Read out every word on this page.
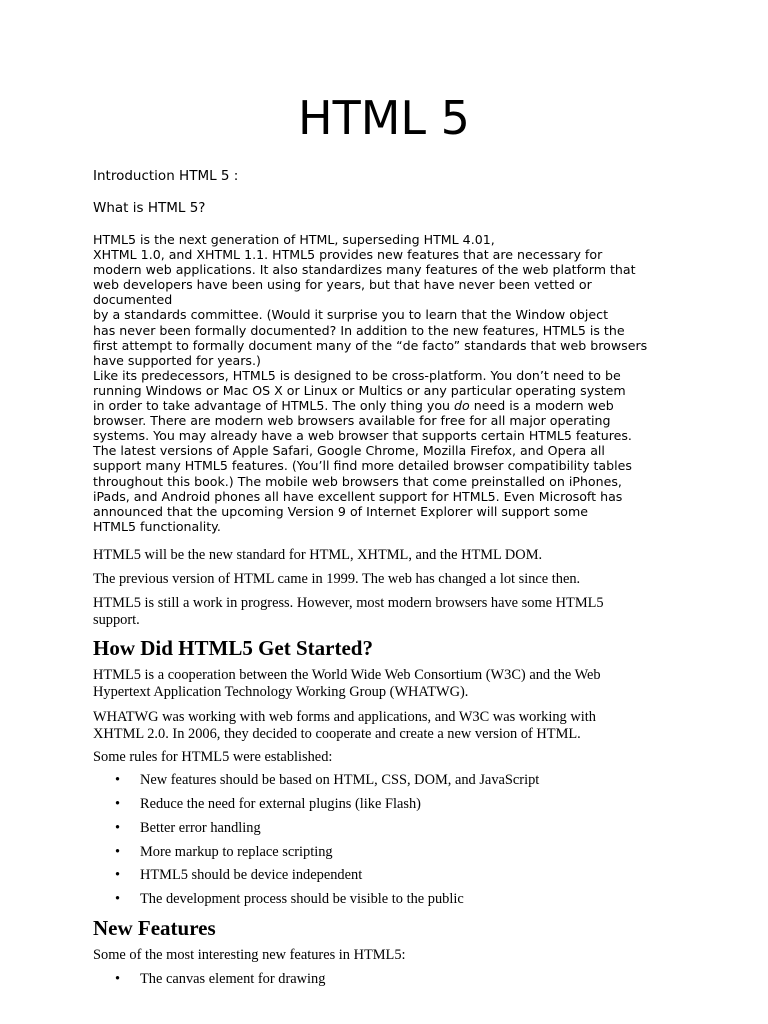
HTML 5

Introduction HTML 5 :

What is HTML 5?

HTML5 is the next generation of HTML, superseding HTML 4.01,
XHTML 1.0, and XHTML 1.1. HTML5 provides new features that are necessary for
modern web applications. It also standardizes many features of the web platform that
web developers have been using for years, but that have never been vetted or
documented
by a standards committee. (Would it surprise you to learn that the Window object
has never been formally documented? In addition to the new features, HTML5 is the
first attempt to formally document many of the “de facto” standards that web browsers
have supported for years.)
Like its predecessors, HTML5 is designed to be cross-platform. You don’t need to be
running Windows or Mac OS X or Linux or Multics or any particular operating system
in order to take advantage of HTML5. The only thing you do need is a modern web
browser. There are modern web browsers available for free for all major operating
systems. You may already have a web browser that supports certain HTML5 features.
The latest versions of Apple Safari, Google Chrome, Mozilla Firefox, and Opera all
support many HTML5 features. (You’ll find more detailed browser compatibility tables
throughout this book.) The mobile web browsers that come preinstalled on iPhones,
iPads, and Android phones all have excellent support for HTML5. Even Microsoft has
announced that the upcoming Version 9 of Internet Explorer will support some
HTML5 functionality.

HTML5 will be the new standard for HTML, XHTML, and the HTML DOM.

The previous version of HTML came in 1999. The web has changed a lot since then.

HTML5 is still a work in progress. However, most modern browsers have some HTML5
support.
How Did HTML5 Get Started?
HTML5 is a cooperation between the World Wide Web Consortium (W3C) and the Web
Hypertext Application Technology Working Group (WHATWG).
WHATWG was working with web forms and applications, and W3C was working with
XHTML 2.0. In 2006, they decided to cooperate and create a new version of HTML.

Some rules for HTML5 were established:

• New features should be based on HTML, CSS, DOM, and JavaScript
• Reduce the need for external plugins (like Flash)
• Better error handling
• More markup to replace scripting
• HTML5 should be device independent
• The development process should be visible to the public
New Features

Some of the most interesting new features in HTML5:

• The canvas element for drawing
